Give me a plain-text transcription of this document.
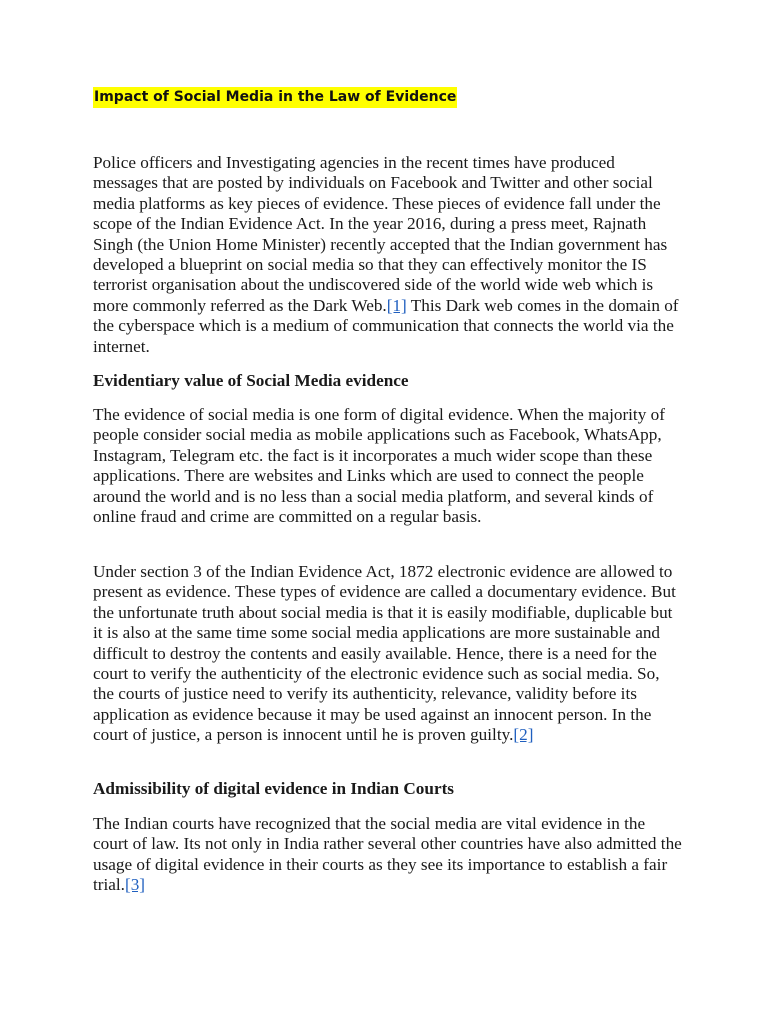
Impact of Social Media in the Law of Evidence

Police officers and Investigating agencies in the recent times have produced messages that are posted by individuals on Facebook and Twitter and other social media platforms as key pieces of evidence. These pieces of evidence fall under the scope of the Indian Evidence Act. In the year 2016, during a press meet, Rajnath Singh (the Union Home Minister) recently accepted that the Indian government has developed a blueprint on social media so that they can effectively monitor the IS terrorist organisation about the undiscovered side of the world wide web which is more commonly referred as the Dark Web.[1] This Dark web comes in the domain of the cyberspace which is a medium of communication that connects the world via the internet.

Evidentiary value of Social Media evidence

The evidence of social media is one form of digital evidence. When the majority of people consider social media as mobile applications such as Facebook, WhatsApp, Instagram, Telegram etc. the fact is it incorporates a much wider scope than these applications. There are websites and Links which are used to connect the people around the world and is no less than a social media platform, and several kinds of online fraud and crime are committed on a regular basis.

Under section 3 of the Indian Evidence Act, 1872 electronic evidence are allowed to present as evidence. These types of evidence are called a documentary evidence. But the unfortunate truth about social media is that it is easily modifiable, duplicable but it is also at the same time some social media applications are more sustainable and difficult to destroy the contents and easily available. Hence, there is a need for the court to verify the authenticity of the electronic evidence such as social media. So, the courts of justice need to verify its authenticity, relevance, validity before its application as evidence because it may be used against an innocent person. In the court of justice, a person is innocent until he is proven guilty.[2]

Admissibility of digital evidence in Indian Courts

The Indian courts have recognized that the social media are vital evidence in the court of law. Its not only in India rather several other countries have also admitted the usage of digital evidence in their courts as they see its importance to establish a fair trial.[3]
